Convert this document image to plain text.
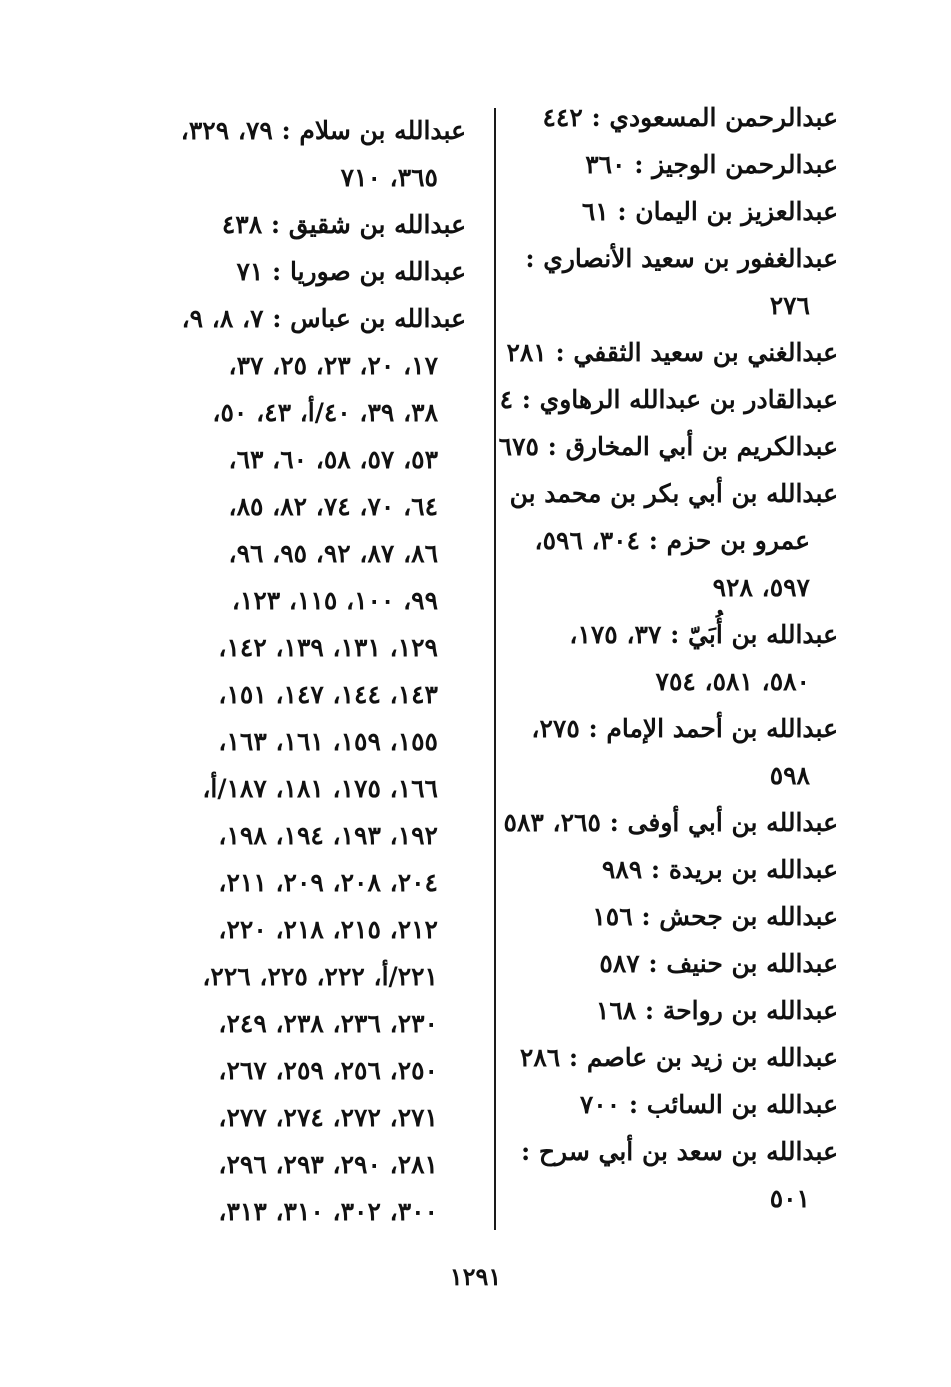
عبدالرحمن المسعودي : ٤٤٢
عبدالرحمن الوجيز : ٣٦٠
عبدالعزيز بن اليمان : ٦١
عبدالغفور بن سعيد الأنصاري :
٢٧٦
عبدالغني بن سعيد الثقفي : ٢٨١
عبدالقادر بن عبدالله الرهاوي : ٤
عبدالكريم بن أبي المخارق : ٦٧٥
عبدالله بن أبي بكر بن محمد بن
عمرو بن حزم : ٣٠٤، ٥٩٦،
٥٩٧، ٩٢٨
عبدالله بن أُبَيّ : ٣٧، ١٧٥،
٥٨٠، ٥٨١، ٧٥٤
عبدالله بن أحمد الإمام : ٢٧٥،
٥٩٨
عبدالله بن أبي أوفى : ٢٦٥، ٥٨٣
عبدالله بن بريدة : ٩٨٩
عبدالله بن جحش : ١٥٦
عبدالله بن حنيف : ٥٨٧
عبدالله بن رواحة : ١٦٨
عبدالله بن زيد بن عاصم : ٢٨٦
عبدالله بن السائب : ٧٠٠
عبدالله بن سعد بن أبي سرح :
٥٠١
عبدالله بن سلام : ٧٩، ٣٢٩،
٣٦٥، ٧١٠
عبدالله بن شقيق : ٤٣٨
عبدالله بن صوريا : ٧١
عبدالله بن عباس : ٧، ٨، ٩،
١٧، ٢٠، ٢٣، ٢٥، ٣٧،
٣٨، ٣٩، ٤٠/أ، ٤٣، ٥٠،
٥٣، ٥٧، ٥٨، ٦٠، ٦٣،
٦٤، ٧٠، ٧٤، ٨٢، ٨٥،
٨٦، ٨٧، ٩٢، ٩٥، ٩٦،
٩٩، ١٠٠، ١١٥، ١٢٣،
١٢٩، ١٣١، ١٣٩، ١٤٢،
١٤٣، ١٤٤، ١٤٧، ١٥١،
١٥٥، ١٥٩، ١٦١، ١٦٣،
١٦٦، ١٧٥، ١٨١، ١٨٧/أ،
١٩٢، ١٩٣، ١٩٤، ١٩٨،
٢٠٤، ٢٠٨، ٢٠٩، ٢١١،
٢١٢، ٢١٥، ٢١٨، ٢٢٠،
٢٢١/أ، ٢٢٢، ٢٢٥، ٢٢٦،
٢٣٠، ٢٣٦، ٢٣٨، ٢٤٩،
٢٥٠، ٢٥٦، ٢٥٩، ٢٦٧،
٢٧١، ٢٧٢، ٢٧٤، ٢٧٧،
٢٨١، ٢٩٠، ٢٩٣، ٢٩٦،
٣٠٠، ٣٠٢، ٣١٠، ٣١٣،
١٢٩١
